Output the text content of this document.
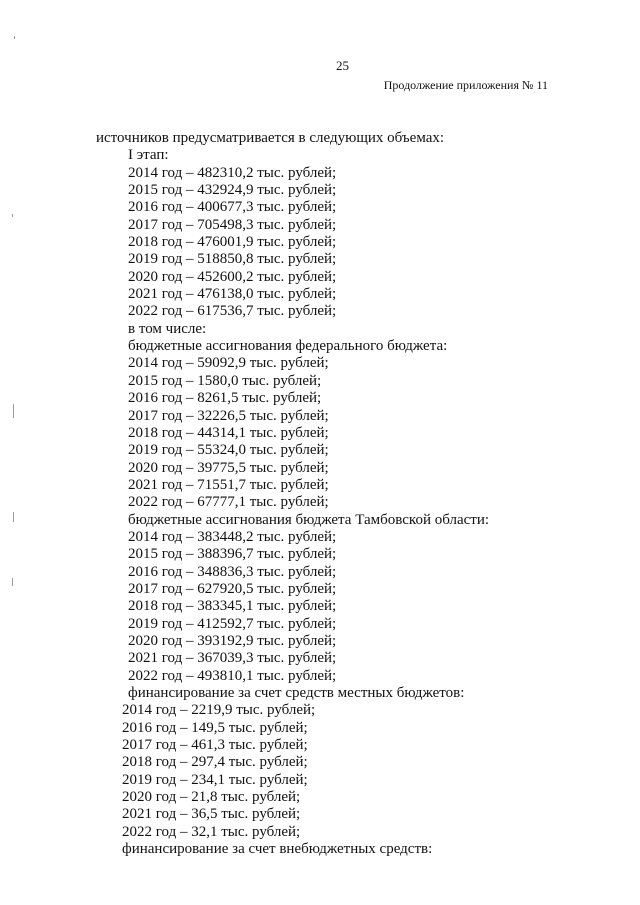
25
Продолжение приложения № 11
источников предусматривается в следующих объемах:
I этап:
2014 год – 482310,2 тыс. рублей;
2015 год – 432924,9 тыс. рублей;
2016 год – 400677,3 тыс. рублей;
2017 год – 705498,3 тыс. рублей;
2018 год – 476001,9 тыс. рублей;
2019 год – 518850,8 тыс. рублей;
2020 год – 452600,2 тыс. рублей;
2021 год – 476138,0 тыс. рублей;
2022 год – 617536,7 тыс. рублей;
в том числе:
бюджетные ассигнования федерального бюджета:
2014 год – 59092,9 тыс. рублей;
2015 год – 1580,0 тыс. рублей;
2016 год – 8261,5 тыс. рублей;
2017 год – 32226,5 тыс. рублей;
2018 год – 44314,1 тыс. рублей;
2019 год – 55324,0 тыс. рублей;
2020 год – 39775,5 тыс. рублей;
2021 год – 71551,7 тыс. рублей;
2022 год – 67777,1 тыс. рублей;
бюджетные ассигнования бюджета Тамбовской области:
2014 год – 383448,2 тыс. рублей;
2015 год – 388396,7 тыс. рублей;
2016 год – 348836,3 тыс. рублей;
2017 год – 627920,5 тыс. рублей;
2018 год – 383345,1 тыс. рублей;
2019 год – 412592,7 тыс. рублей;
2020 год – 393192,9 тыс. рублей;
2021 год – 367039,3 тыс. рублей;
2022 год – 493810,1 тыс. рублей;
финансирование за счет средств местных бюджетов:
2014 год – 2219,9 тыс. рублей;
2016 год – 149,5 тыс. рублей;
2017 год – 461,3 тыс. рублей;
2018 год – 297,4 тыс. рублей;
2019 год – 234,1 тыс. рублей;
2020 год – 21,8 тыс. рублей;
2021 год – 36,5 тыс. рублей;
2022 год – 32,1 тыс. рублей;
финансирование за счет внебюджетных средств:
